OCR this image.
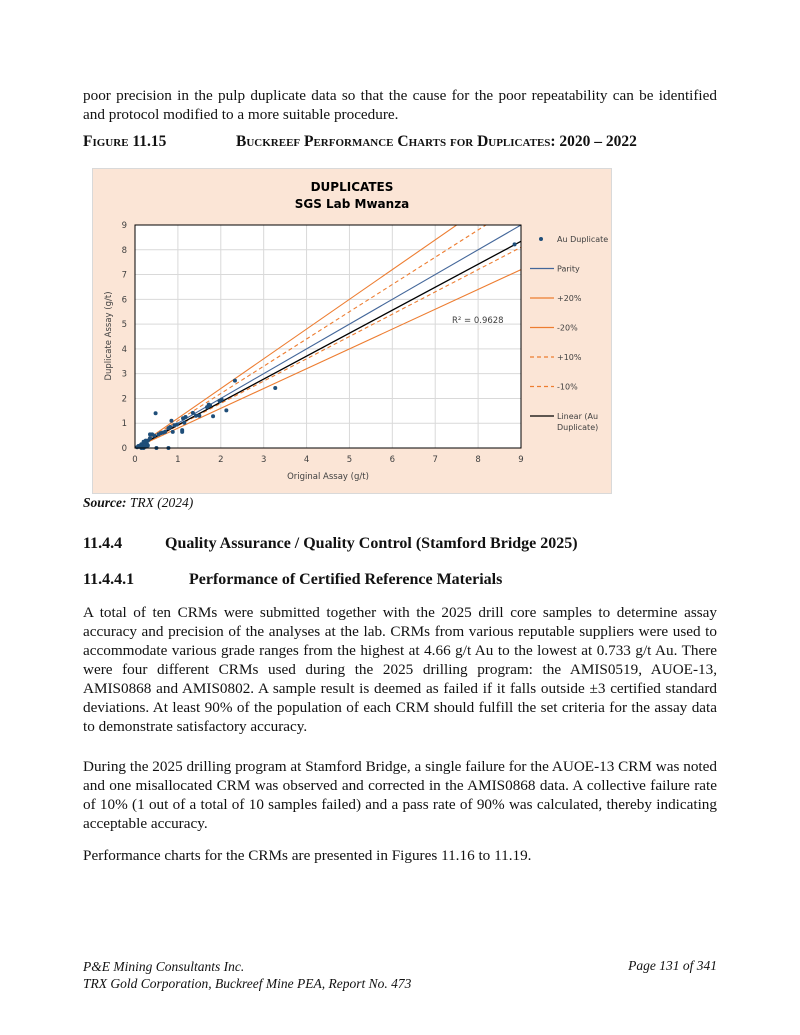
poor precision in the pulp duplicate data so that the cause for the poor repeatability can be identified and protocol modified to a more suitable procedure.
Figure 11.15	Buckreef Performance Charts for Duplicates: 2020 – 2022
DUPLICATES
SGS Lab Mwanza
0	1	2	3	4	5	6	7	8	9
0
1
2
3
4
5
6
7
8
9
R² = 0.9628
Original Assay (g/t)
Duplicate Assay (g/t)
Au Duplicate
Parity
+20%
-20%
+10%
-10%
Linear (Au
Duplicate)
Source: TRX (2024)
11.4.4	Quality Assurance / Quality Control (Stamford Bridge 2025)
11.4.4.1	Performance of Certified Reference Materials
A total of ten CRMs were submitted together with the 2025 drill core samples to determine assay accuracy and precision of the analyses at the lab. CRMs from various reputable suppliers were used to accommodate various grade ranges from the highest at 4.66 g/t Au to the lowest at 0.733 g/t Au. There were four different CRMs used during the 2025 drilling program: the AMIS0519, AUOE-13, AMIS0868 and AMIS0802. A sample result is deemed as failed if it falls outside ±3 certified standard deviations. At least 90% of the population of each CRM should fulfill the set criteria for the assay data to demonstrate satisfactory accuracy.
During the 2025 drilling program at Stamford Bridge, a single failure for the AUOE-13 CRM was noted and one misallocated CRM was observed and corrected in the AMIS0868 data. A collective failure rate of 10% (1 out of a total of 10 samples failed) and a pass rate of 90% was calculated, thereby indicating acceptable accuracy.
Performance charts for the CRMs are presented in Figures 11.16 to 11.19.
P&E Mining Consultants Inc.
TRX Gold Corporation, Buckreef Mine PEA, Report No. 473
Page 131 of 341
